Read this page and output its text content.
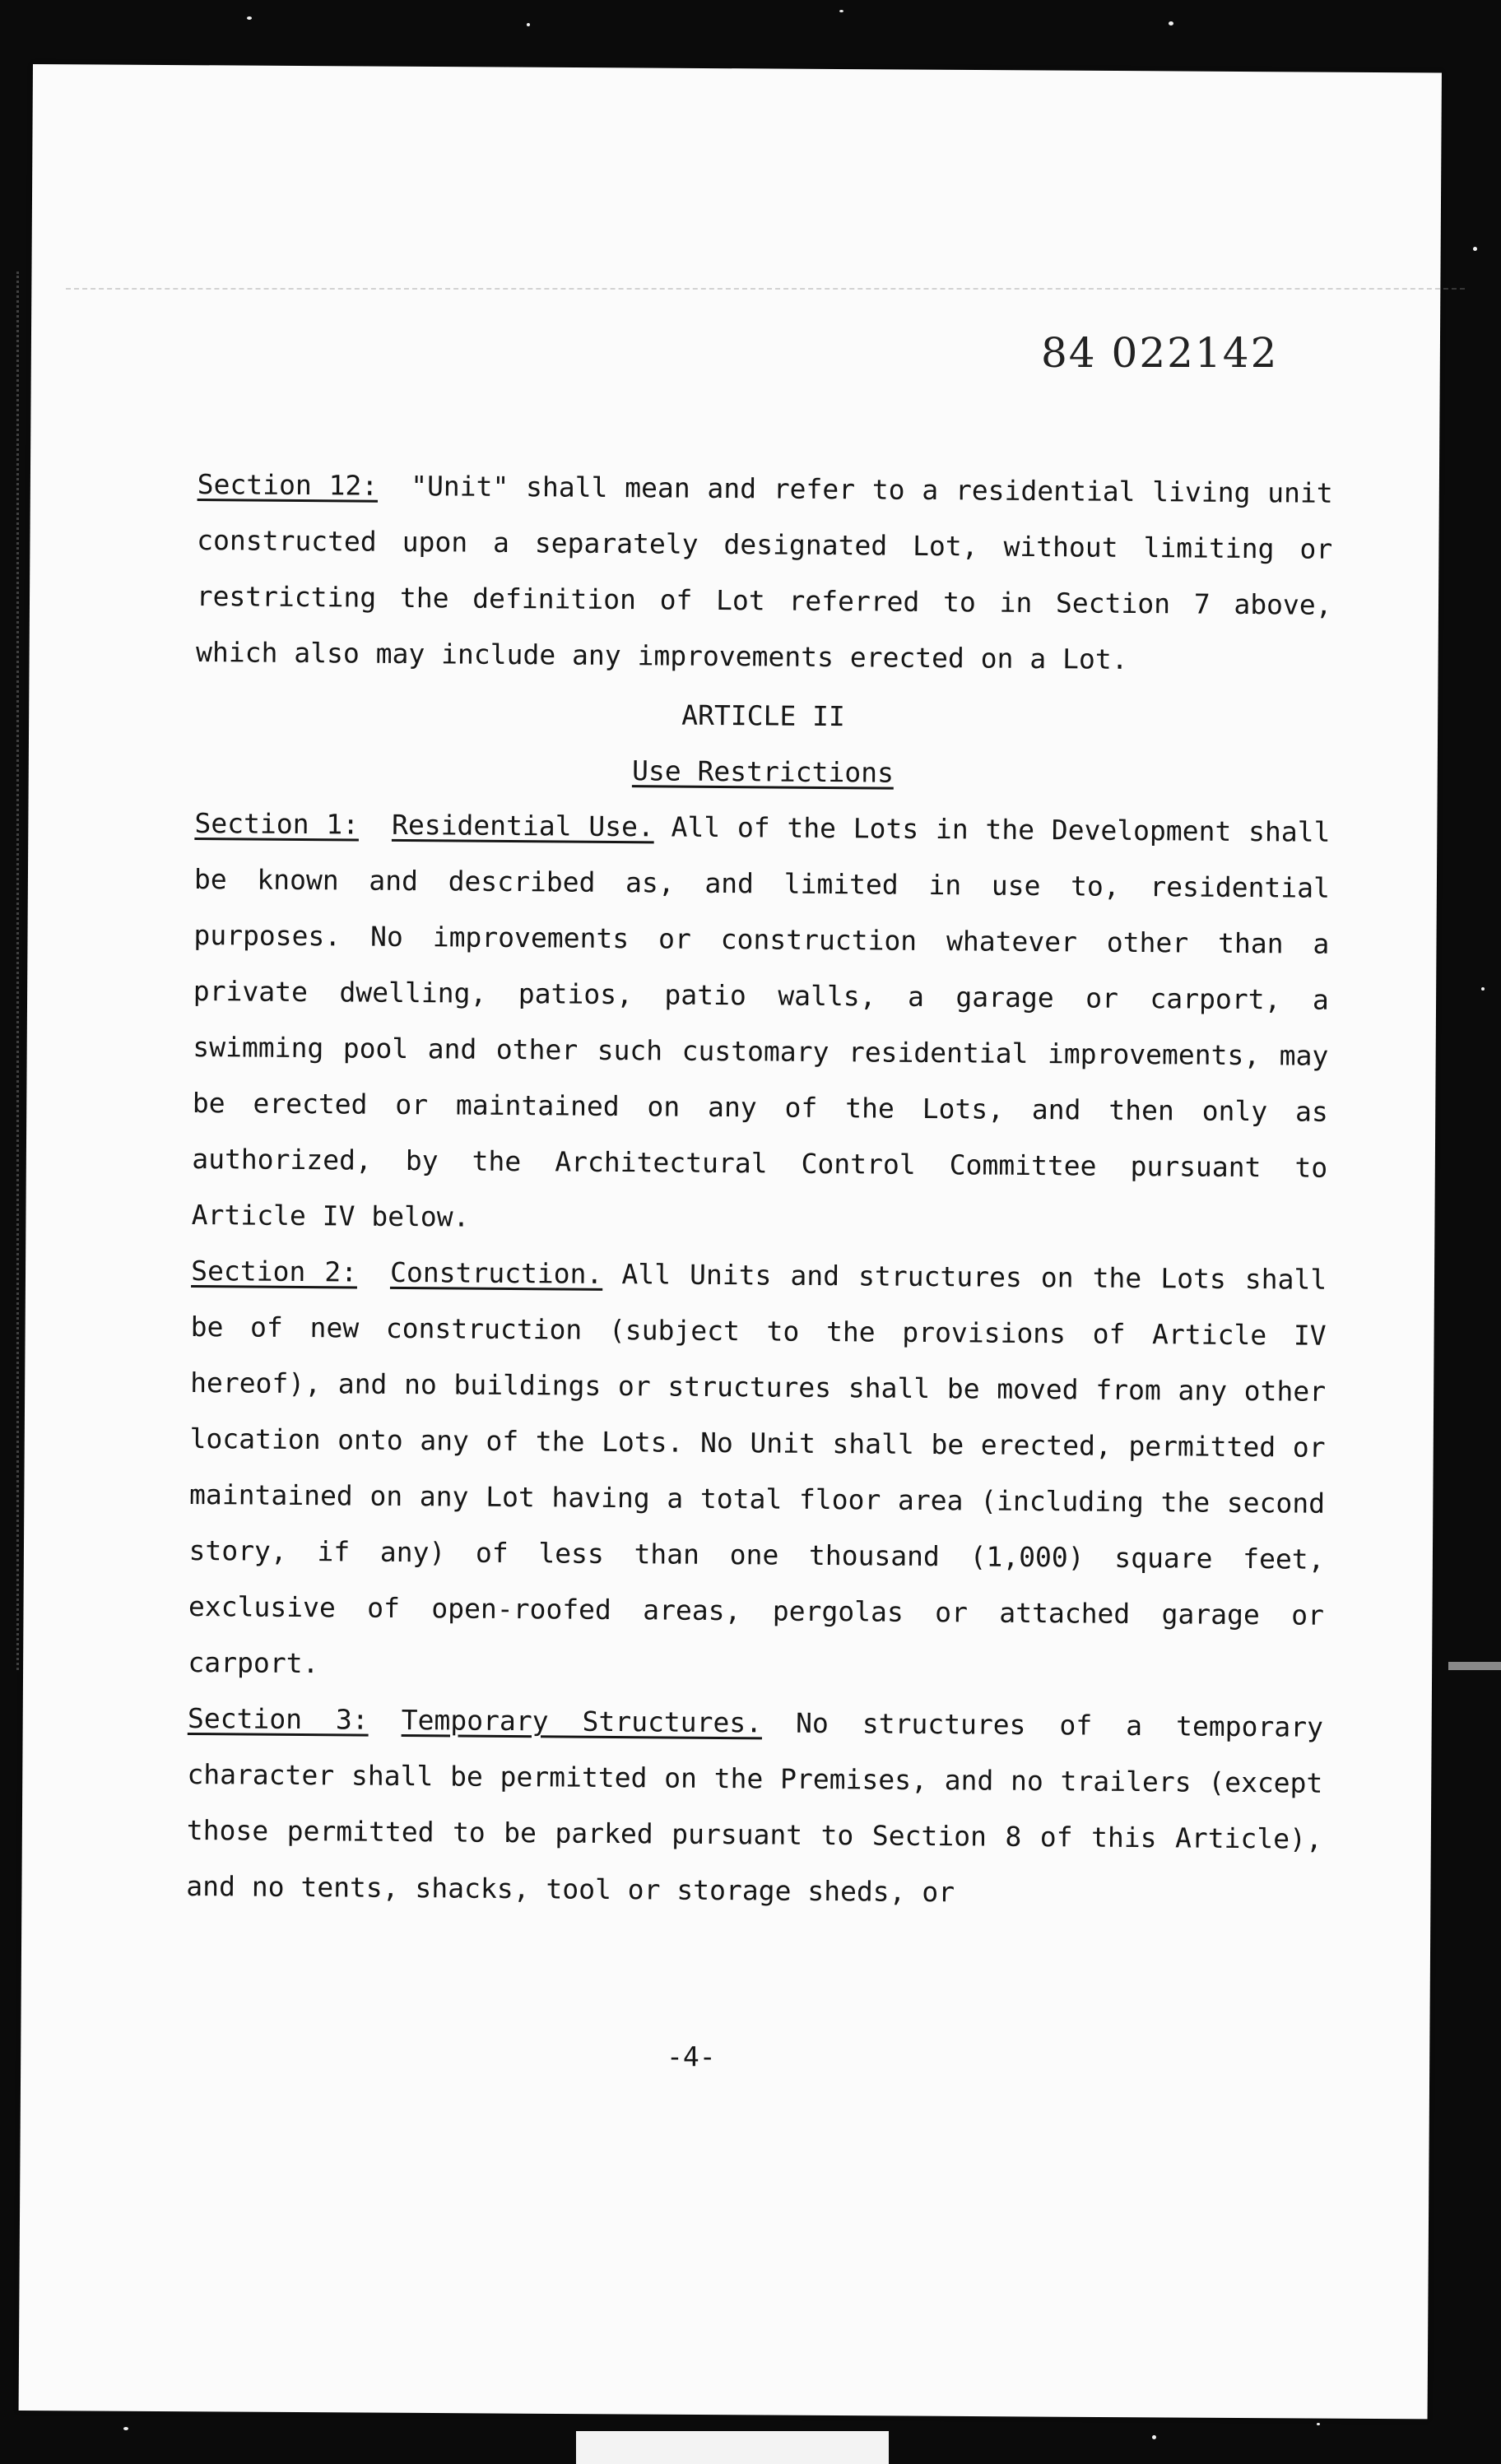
84 022142

Section 12: "Unit" shall mean and refer to a residential living unit constructed upon a separately designated Lot, without limiting or restricting the definition of Lot referred to in Section 7 above, which also may include any improvements erected on a Lot.

ARTICLE II

Use Restrictions

Section 1: Residential Use. All of the Lots in the Development shall be known and described as, and limited in use to, residential purposes. No improvements or construction whatever other than a private dwelling, patios, patio walls, a garage or carport, a swimming pool and other such customary residential improvements, may be erected or maintained on any of the Lots, and then only as authorized, by the Architectural Control Committee pursuant to Article IV below.

Section 2: Construction. All Units and structures on the Lots shall be of new construction (subject to the provisions of Article IV hereof), and no buildings or structures shall be moved from any other location onto any of the Lots. No Unit shall be erected, permitted or maintained on any Lot having a total floor area (including the second story, if any) of less than one thousand (1,000) square feet, exclusive of open-roofed areas, pergolas or attached garage or carport.

Section 3: Temporary Structures. No structures of a temporary character shall be permitted on the Premises, and no trailers (except those permitted to be parked pursuant to Section 8 of this Article), and no tents, shacks, tool or storage sheds, or

-4-
